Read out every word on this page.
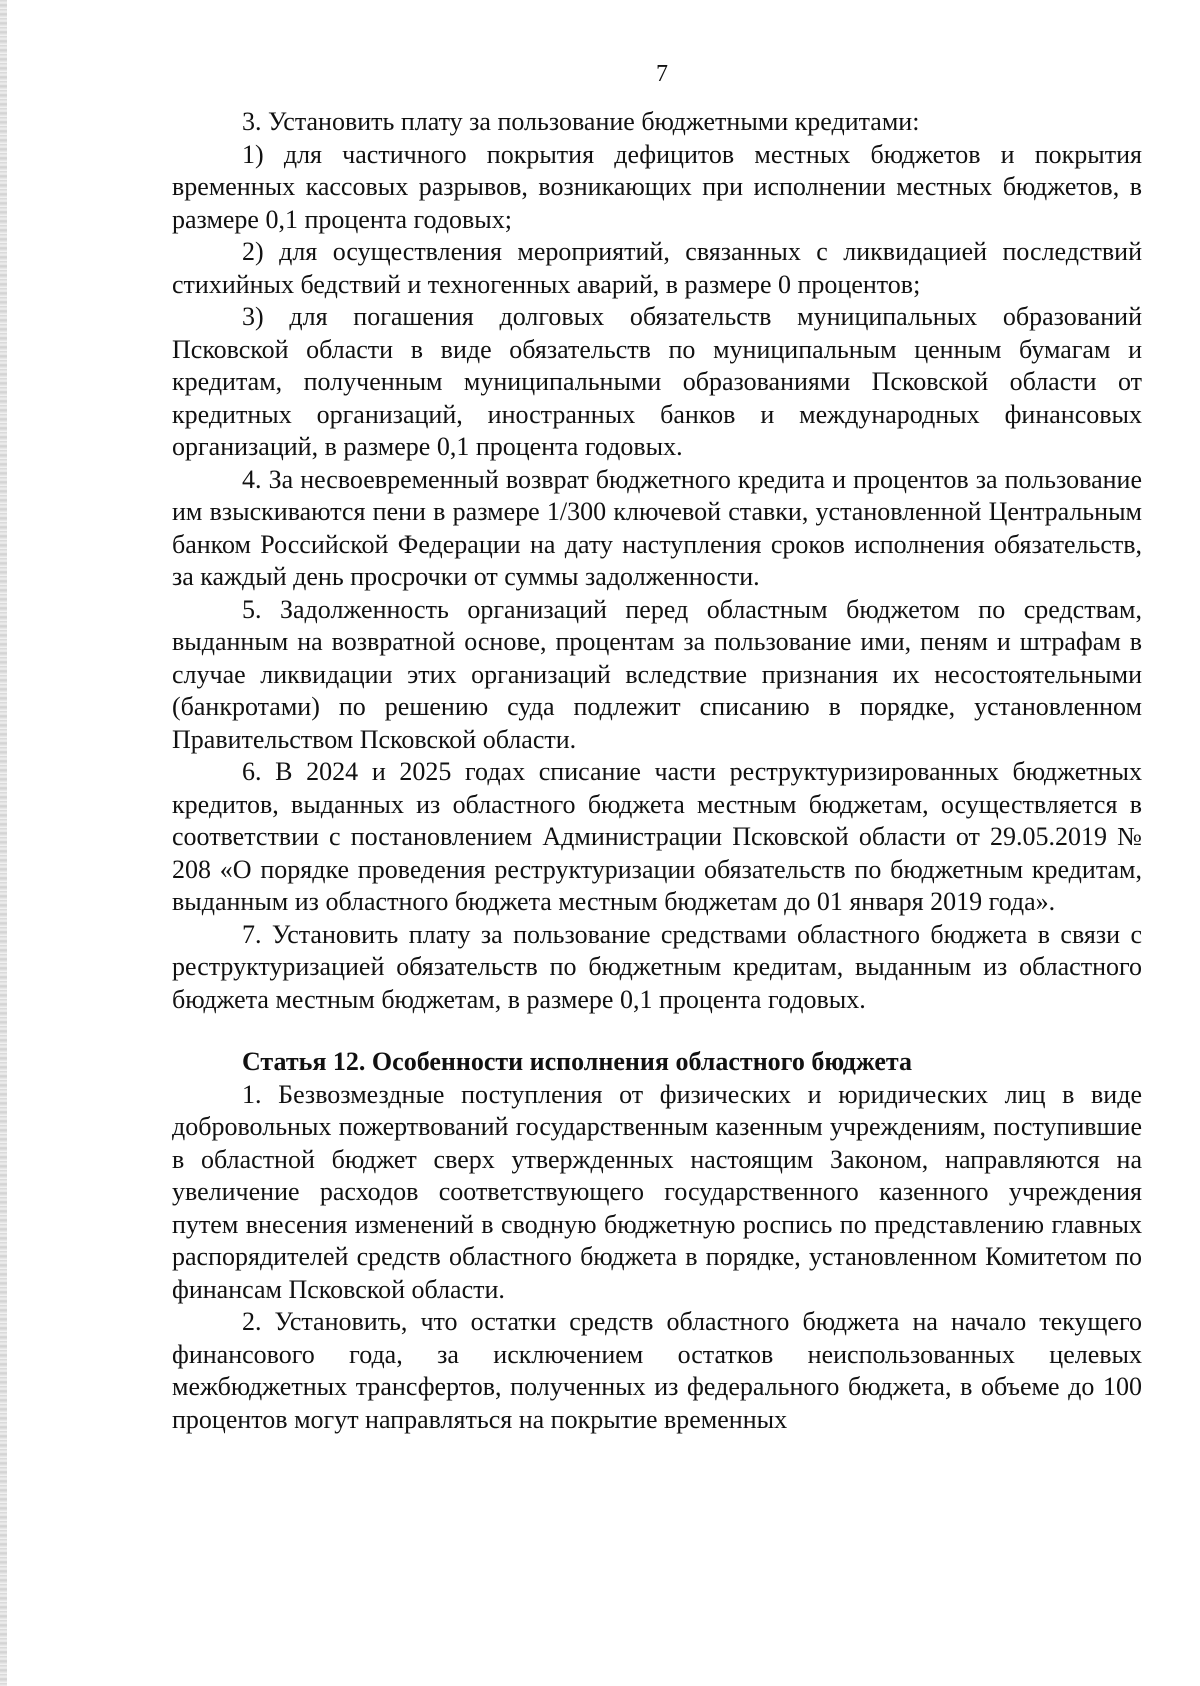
7

3. Установить плату за пользование бюджетными кредитами:

1) для частичного покрытия дефицитов местных бюджетов и покрытия временных кассовых разрывов, возникающих при исполнении местных бюджетов, в размере 0,1 процента годовых;

2) для осуществления мероприятий, связанных с ликвидацией последствий стихийных бедствий и техногенных аварий, в размере 0 процентов;

3) для погашения долговых обязательств муниципальных образований Псковской области в виде обязательств по муниципальным ценным бумагам и кредитам, полученным муниципальными образованиями Псковской области от кредитных организаций, иностранных банков и международных финансовых организаций, в размере 0,1 процента годовых.

4. За несвоевременный возврат бюджетного кредита и процентов за пользование им взыскиваются пени в размере 1/300 ключевой ставки, установленной Центральным банком Российской Федерации на дату наступления сроков исполнения обязательств, за каждый день просрочки от суммы задолженности.

5. Задолженность организаций перед областным бюджетом по средствам, выданным на возвратной основе, процентам за пользование ими, пеням и штрафам в случае ликвидации этих организаций вследствие признания их несостоятельными (банкротами) по решению суда подлежит списанию в порядке, установленном Правительством Псковской области.

6. В 2024 и 2025 годах списание части реструктуризированных бюджетных кредитов, выданных из областного бюджета местным бюджетам, осуществляется в соответствии с постановлением Администрации Псковской области от 29.05.2019 № 208 «О порядке проведения реструктуризации обязательств по бюджетным кредитам, выданным из областного бюджета местным бюджетам до 01 января 2019 года».

7. Установить плату за пользование средствами областного бюджета в связи с реструктуризацией обязательств по бюджетным кредитам, выданным из областного бюджета местным бюджетам, в размере 0,1 процента годовых.

Статья 12. Особенности исполнения областного бюджета

1. Безвозмездные поступления от физических и юридических лиц в виде добровольных пожертвований государственным казенным учреждениям, поступившие в областной бюджет сверх утвержденных настоящим Законом, направляются на увеличение расходов соответствующего государственного казенного учреждения путем внесения изменений в сводную бюджетную роспись по представлению главных распорядителей средств областного бюджета в порядке, установленном Комитетом по финансам Псковской области.

2. Установить, что остатки средств областного бюджета на начало текущего финансового года, за исключением остатков неиспользованных целевых межбюджетных трансфертов, полученных из федерального бюджета, в объеме до 100 процентов могут направляться на покрытие временных
